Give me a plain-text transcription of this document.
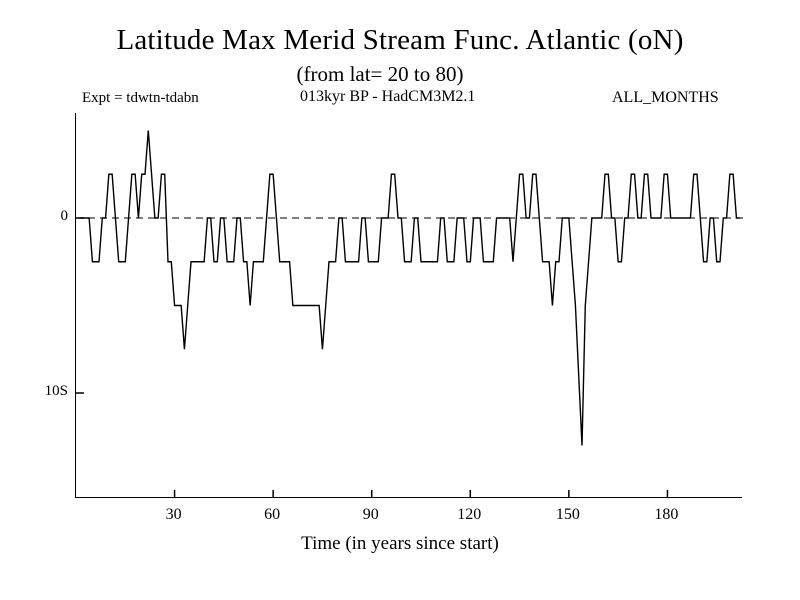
Latitude Max Merid Stream Func. Atlantic (oN)
(from lat= 20 to 80)
Expt = tdwtn-tdabn	013kyr BP - HadCM3M2.1	ALL_MONTHS
0
10S
30	60	90	120	150	180
Time (in years since start)
